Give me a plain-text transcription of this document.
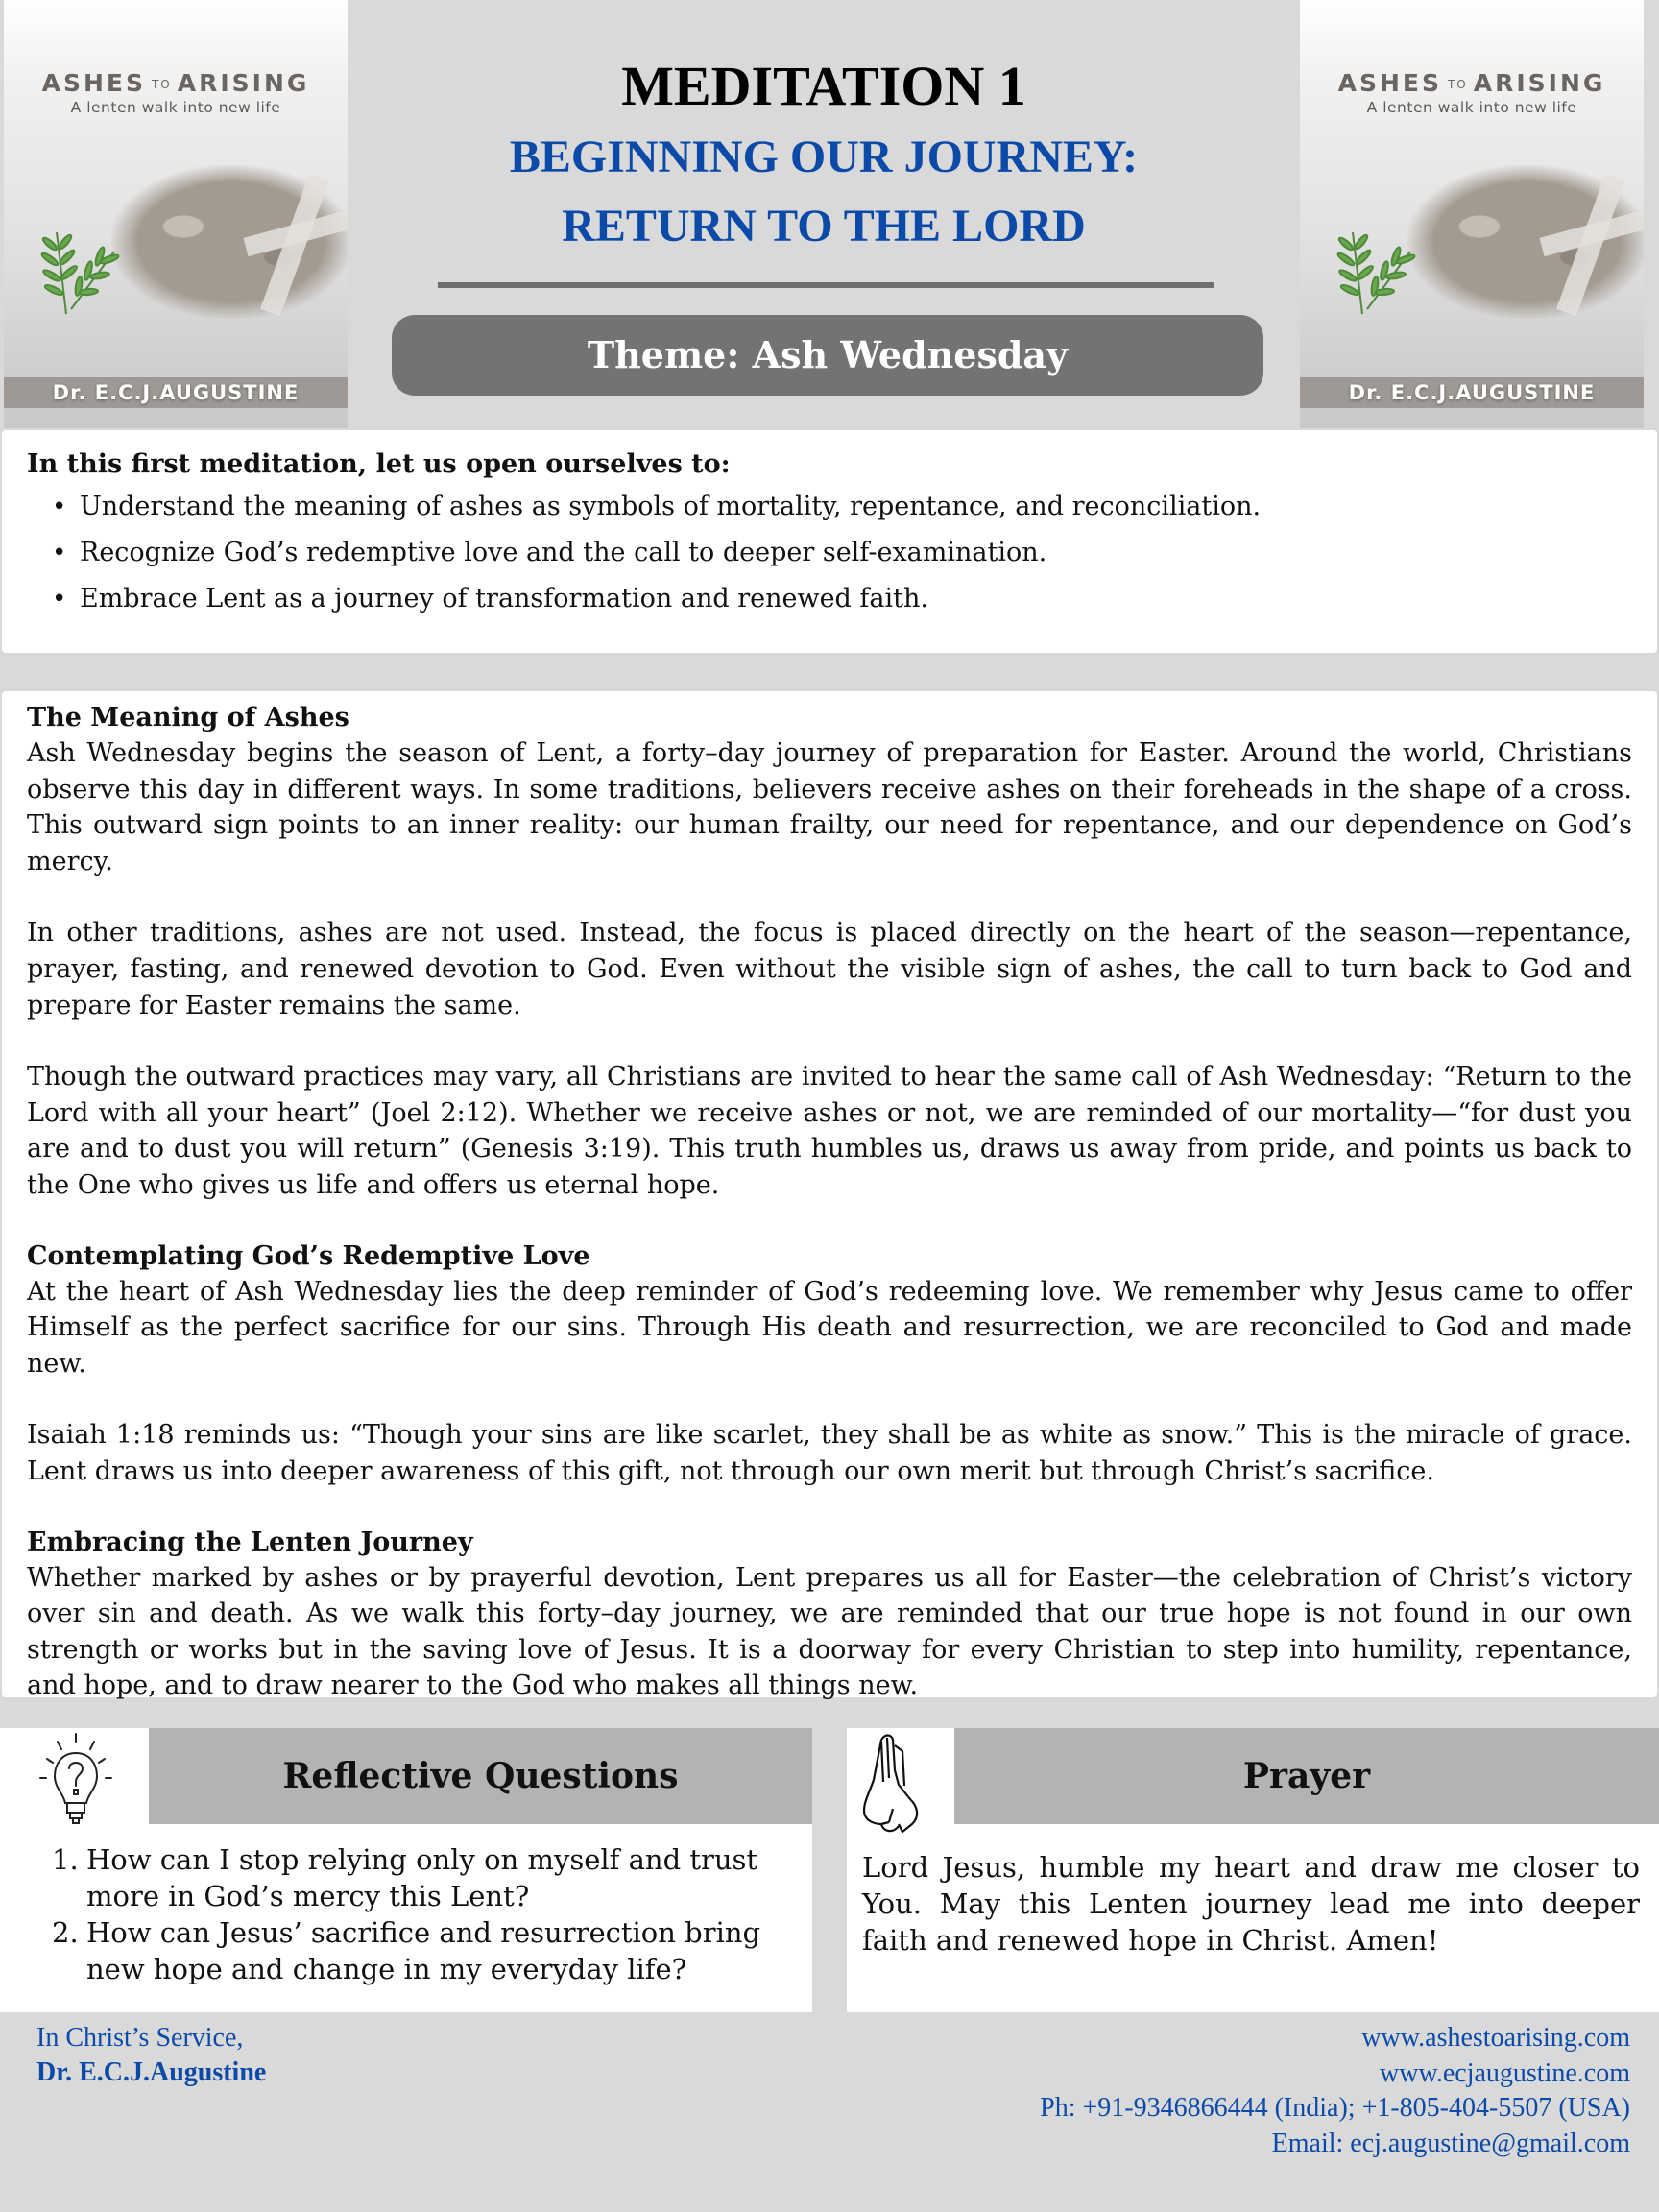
ASHES TO ARISING
A lenten walk into new life
Dr. E.C.J.AUGUSTINE
MEDITATION 1
BEGINNING OUR JOURNEY:
RETURN TO THE LORD
Theme: Ash Wednesday
ASHES TO ARISING
A lenten walk into new life
Dr. E.C.J.AUGUSTINE
In this first meditation, let us open ourselves to:
• Understand the meaning of ashes as symbols of mortality, repentance, and reconciliation.
• Recognize God’s redemptive love and the call to deeper self-examination.
• Embrace Lent as a journey of transformation and renewed faith.
The Meaning of Ashes

Ash Wednesday begins the season of Lent, a forty–day journey of preparation for Easter. Around the world, Christians observe this day in different ways. In some traditions, believers receive ashes on their foreheads in the shape of a cross. This outward sign points to an inner reality: our human frailty, our need for repentance, and our dependence on God’s mercy.

In other traditions, ashes are not used. Instead, the focus is placed directly on the heart of the season—repentance, prayer, fasting, and renewed devotion to God. Even without the visible sign of ashes, the call to turn back to God and prepare for Easter remains the same.

Though the outward practices may vary, all Christians are invited to hear the same call of Ash Wednesday: “Return to the Lord with all your heart” (Joel 2:12). Whether we receive ashes or not, we are reminded of our mortality—“for dust you are and to dust you will return” (Genesis 3:19). This truth humbles us, draws us away from pride, and points us back to the One who gives us life and offers us eternal hope.

Contemplating God’s Redemptive Love

At the heart of Ash Wednesday lies the deep reminder of God’s redeeming love. We remember why Jesus came to offer Himself as the perfect sacrifice for our sins. Through His death and resurrection, we are reconciled to God and made new.

Isaiah 1:18 reminds us: “Though your sins are like scarlet, they shall be as white as snow.” This is the miracle of grace. Lent draws us into deeper awareness of this gift, not through our own merit but through Christ’s sacrifice.

Embracing the Lenten Journey

Whether marked by ashes or by prayerful devotion, Lent prepares us all for Easter—the celebration of Christ’s victory over sin and death. As we walk this forty–day journey, we are reminded that our true hope is not found in our own strength or works but in the saving love of Jesus. It is a doorway for every Christian to step into humility, repentance, and hope, and to draw nearer to the God who makes all things new.

Reflective Questions
1. How can I stop relying only on myself and trust more in God’s mercy this Lent?
2. How can Jesus’ sacrifice and resurrection bring new hope and change in my everyday life?
Prayer
Lord Jesus, humble my heart and draw me closer to You. May this Lenten journey lead me into deeper faith and renewed hope in Christ. Amen!
In Christ’s Service,
Dr. E.C.J.Augustine
www.ashestoarising.com
www.ecjaugustine.com
Ph: +91-9346866444 (India); +1-805-404-5507 (USA)
Email: ecj.augustine@gmail.com
